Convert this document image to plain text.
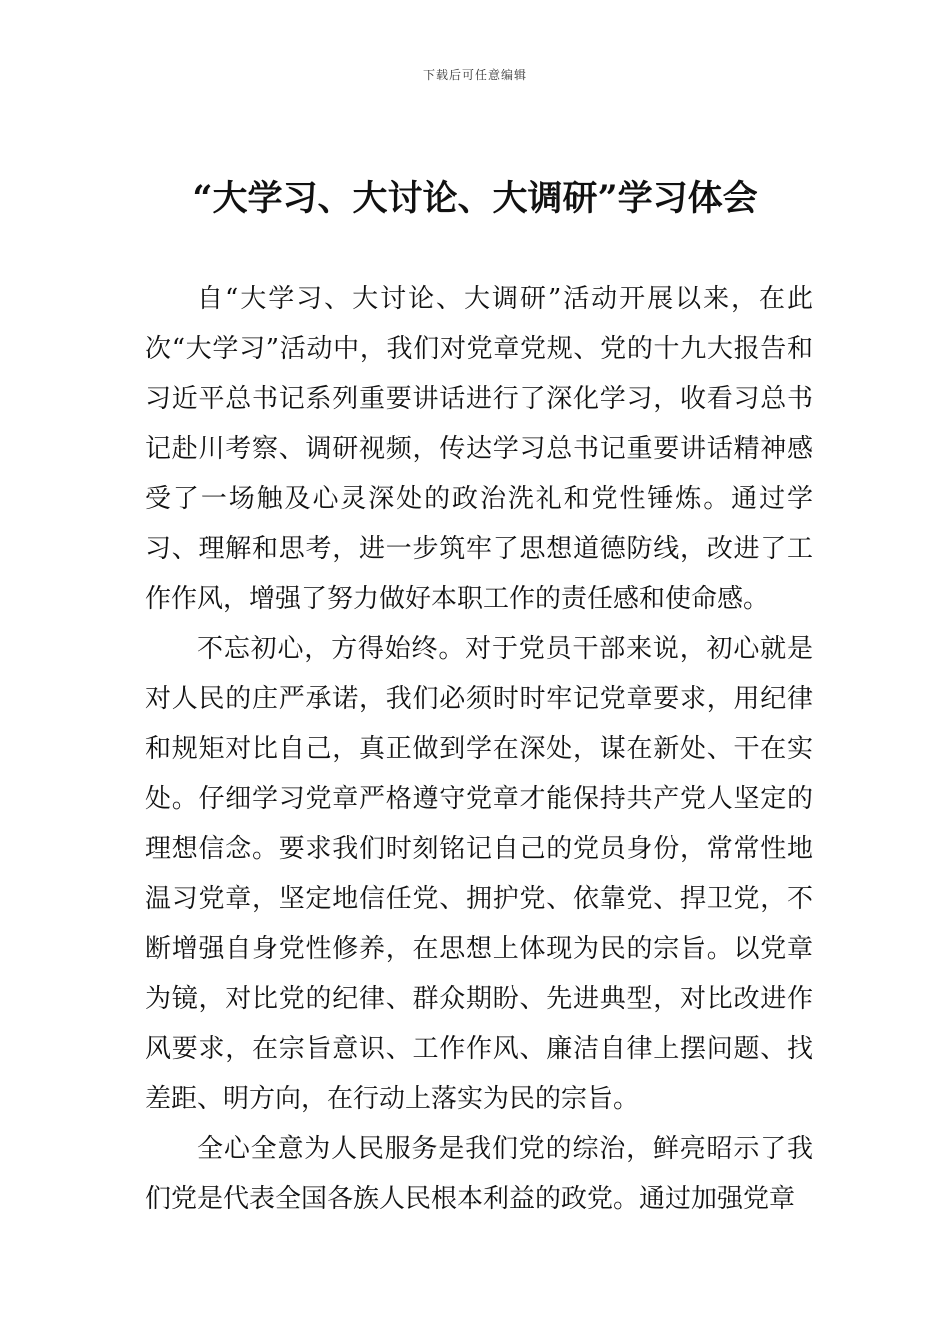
下载后可任意编辑
“大学习、大讨论、大调研”学习体会

自“大学习、大讨论、大调研”活动开展以来，在此次“大学习”活动中，我们对党章党规、党的十九大报告和习近平总书记系列重要讲话进行了深化学习，收看习总书记赴川考察、调研视频，传达学习总书记重要讲话精神感受了一场触及心灵深处的政治洗礼和党性锤炼。通过学习、理解和思考，进一步筑牢了思想道德防线，改进了工作作风，增强了努力做好本职工作的责任感和使命感。

不忘初心，方得始终。对于党员干部来说，初心就是对人民的庄严承诺，我们必须时时牢记党章要求，用纪律和规矩对比自己，真正做到学在深处，谋在新处、干在实处。仔细学习党章严格遵守党章才能保持共产党人坚定的理想信念。要求我们时刻铭记自己的党员身份，常常性地温习党章，坚定地信任党、拥护党、依靠党、捍卫党，不断增强自身党性修养，在思想上体现为民的宗旨。以党章为镜，对比党的纪律、群众期盼、先进典型，对比改进作风要求，在宗旨意识、工作作风、廉洁自律上摆问题、找差距、明方向，在行动上落实为民的宗旨。

全心全意为人民服务是我们党的综治，鲜亮昭示了我们党是代表全国各族人民根本利益的政党。通过加强党章
